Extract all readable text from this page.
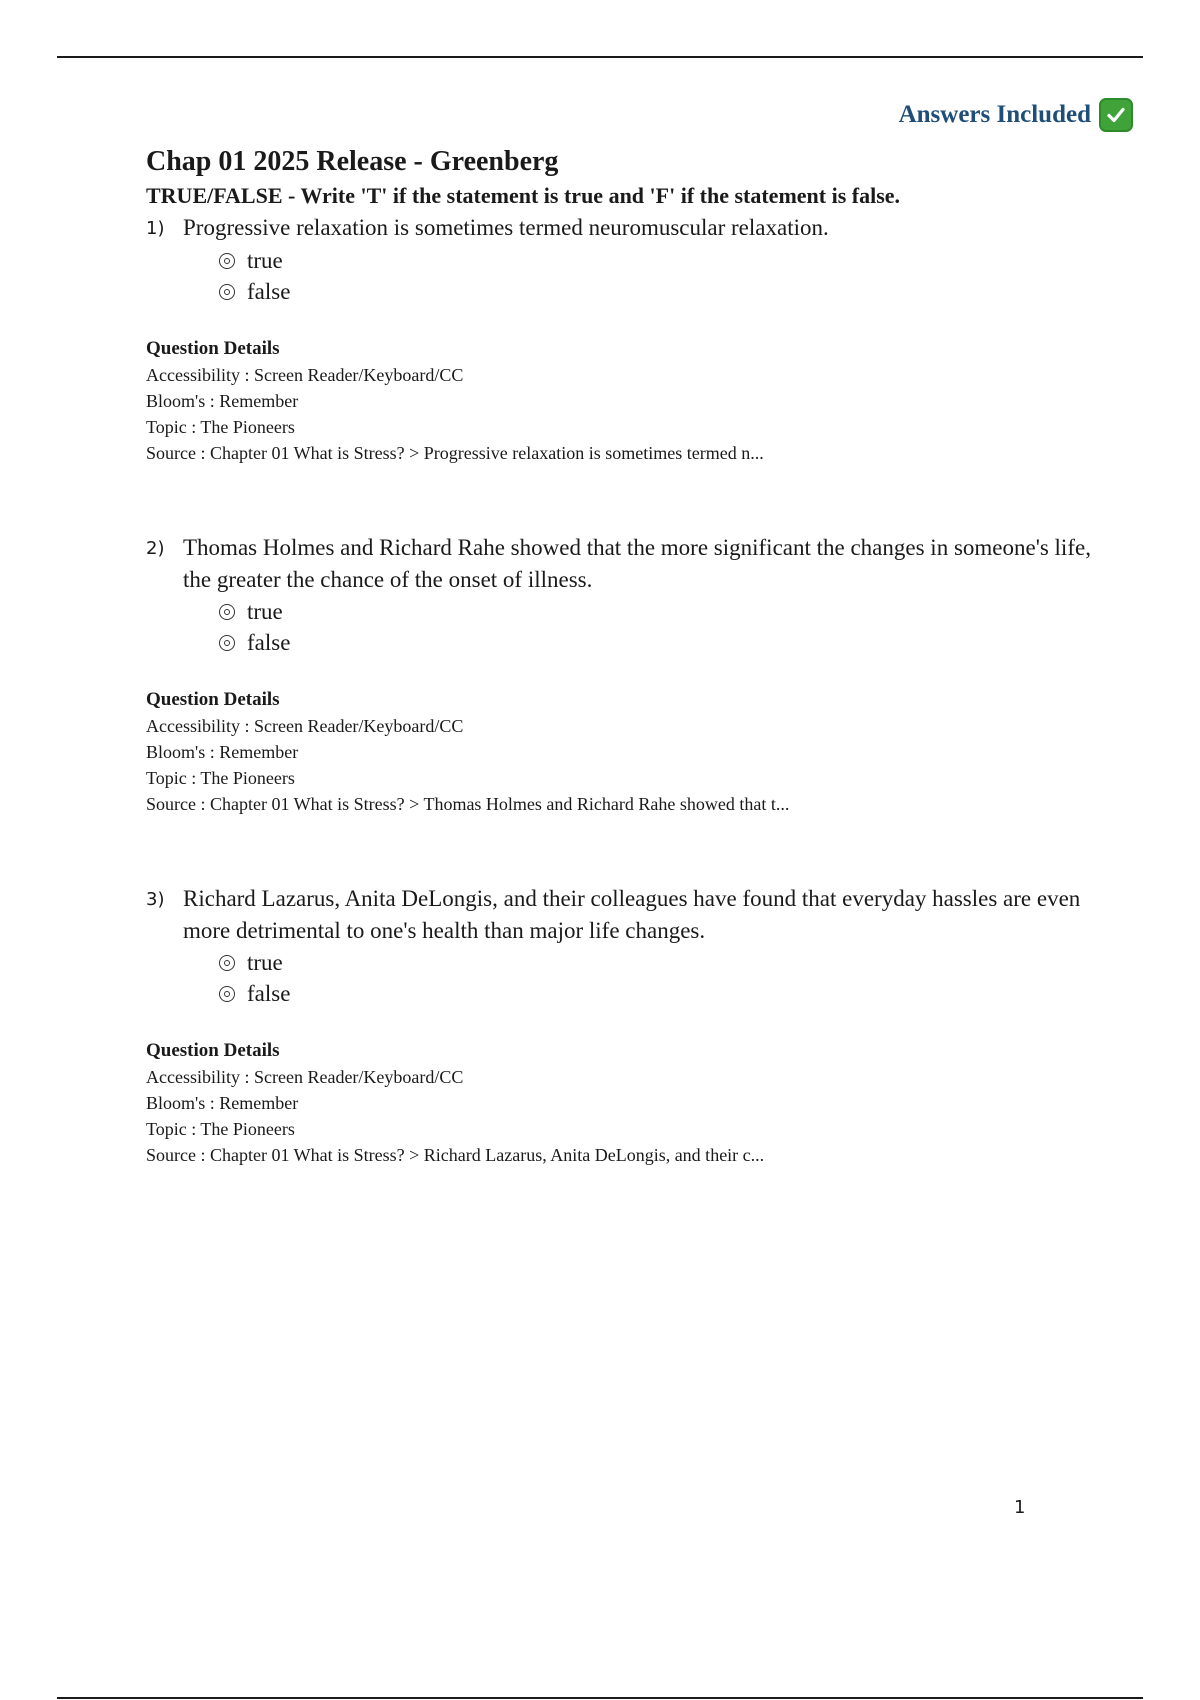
Answers Included
Chap 01 2025 Release - Greenberg

TRUE/FALSE - Write 'T' if the statement is true and 'F' if the statement is false.

1) Progressive relaxation is sometimes termed neuromuscular relaxation.
true
false
Question Details
Accessibility : Screen Reader/Keyboard/CC
Bloom's : Remember
Topic : The Pioneers
Source : Chapter 01 What is Stress? > Progressive relaxation is sometimes termed n...
2) Thomas Holmes and Richard Rahe showed that the more significant the changes in someone's life, the greater the chance of the onset of illness.
true
false
Question Details
Accessibility : Screen Reader/Keyboard/CC
Bloom's : Remember
Topic : The Pioneers
Source : Chapter 01 What is Stress? > Thomas Holmes and Richard Rahe showed that t...
3) Richard Lazarus, Anita DeLongis, and their colleagues have found that everyday hassles are even more detrimental to one's health than major life changes.
true
false
Question Details
Accessibility : Screen Reader/Keyboard/CC
Bloom's : Remember
Topic : The Pioneers
Source : Chapter 01 What is Stress? > Richard Lazarus, Anita DeLongis, and their c...
1
